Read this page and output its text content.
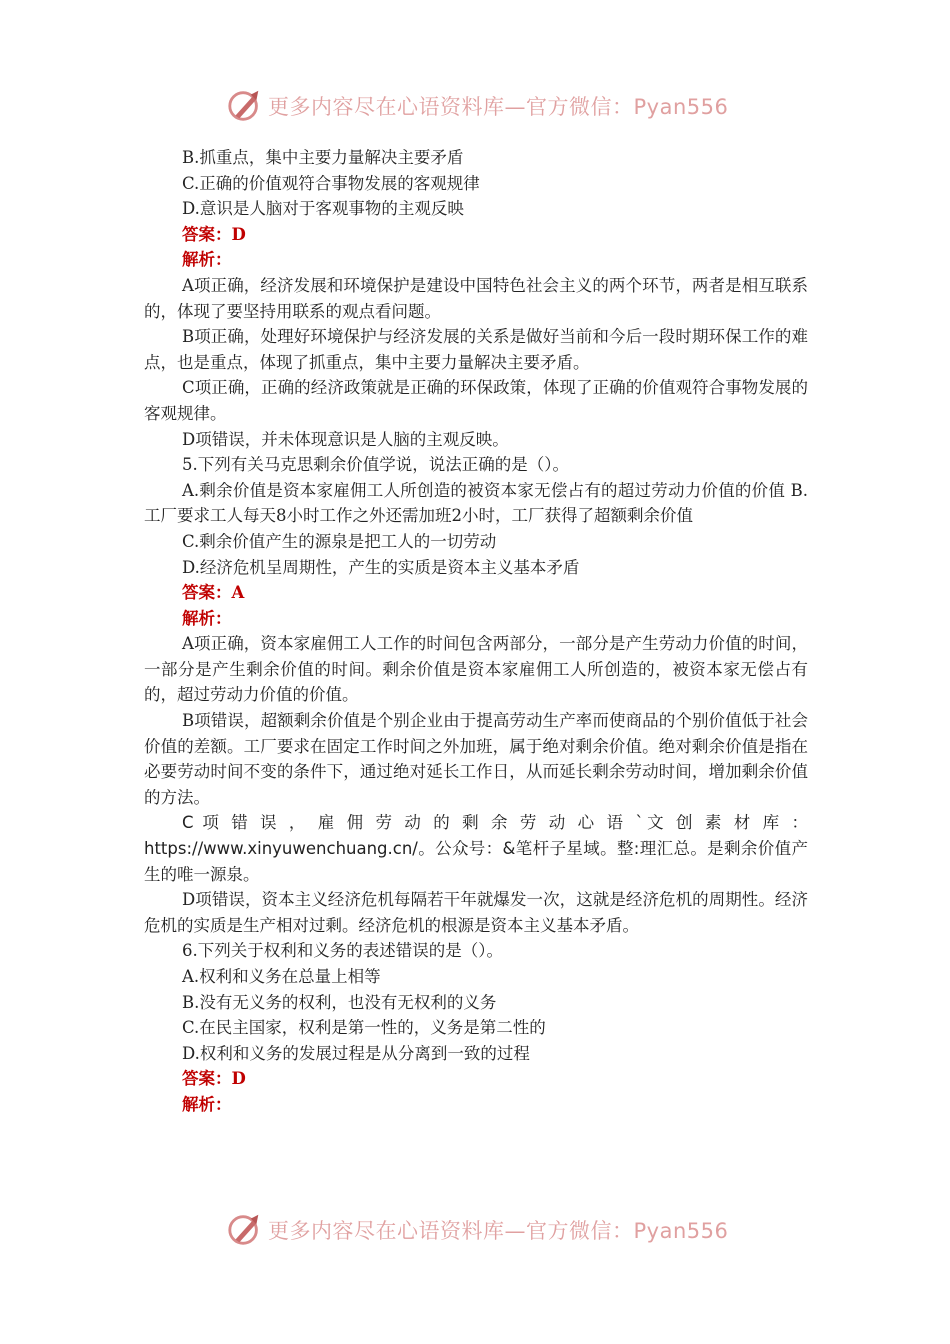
更多内容尽在心语资料库—官方微信：Pyan556

B.抓重点，集中主要力量解决主要矛盾

C.正确的价值观符合事物发展的客观规律

D.意识是人脑对于客观事物的主观反映

答案：D

解析：

A项正确，经济发展和环境保护是建设中国特色社会主义的两个环节，两者是相互联系的，体现了要坚持用联系的观点看问题。

B项正确，处理好环境保护与经济发展的关系是做好当前和今后一段时期环保工作的难点，也是重点，体现了抓重点，集中主要力量解决主要矛盾。

C项正确，正确的经济政策就是正确的环保政策，体现了正确的价值观符合事物发展的客观规律。

D项错误，并未体现意识是人脑的主观反映。

5.下列有关马克思剩余价值学说，说法正确的是（）。

A.剩余价值是资本家雇佣工人所创造的被资本家无偿占有的超过劳动力价值的价值 B.工厂要求工人每天8小时工作之外还需加班2小时，工厂获得了超额剩余价值

C.剩余价值产生的源泉是把工人的一切劳动

D.经济危机呈周期性，产生的实质是资本主义基本矛盾

答案：A

解析：

A项正确，资本家雇佣工人工作的时间包含两部分，一部分是产生劳动力价值的时间，一部分是产生剩余价值的时间。剩余价值是资本家雇佣工人所创造的，被资本家无偿占有的，超过劳动力价值的价值。

B项错误，超额剩余价值是个别企业由于提高劳动生产率而使商品的个别价值低于社会价值的差额。工厂要求在固定工作时间之外加班，属于绝对剩余价值。绝对剩余价值是指在必要劳动时间不变的条件下，通过绝对延长工作日，从而延长剩余劳动时间，增加剩余价值的方法。

C 项 错 误 ， 雇 佣 劳 动 的 剩 余 劳 动 心 语 `文 创 素 材 库 ： https://www.xinyuwenchuang.cn/。公众号：&笔杆子星域。整:理汇总。是剩余价值产生的唯一源泉。

D项错误，资本主义经济危机每隔若干年就爆发一次，这就是经济危机的周期性。经济危机的实质是生产相对过剩。经济危机的根源是资本主义基本矛盾。

6.下列关于权利和义务的表述错误的是（）。

A.权利和义务在总量上相等

B.没有无义务的权利，也没有无权利的义务

C.在民主国家，权利是第一性的，义务是第二性的

D.权利和义务的发展过程是从分离到一致的过程

答案：D

解析：

更多内容尽在心语资料库—官方微信：Pyan556
